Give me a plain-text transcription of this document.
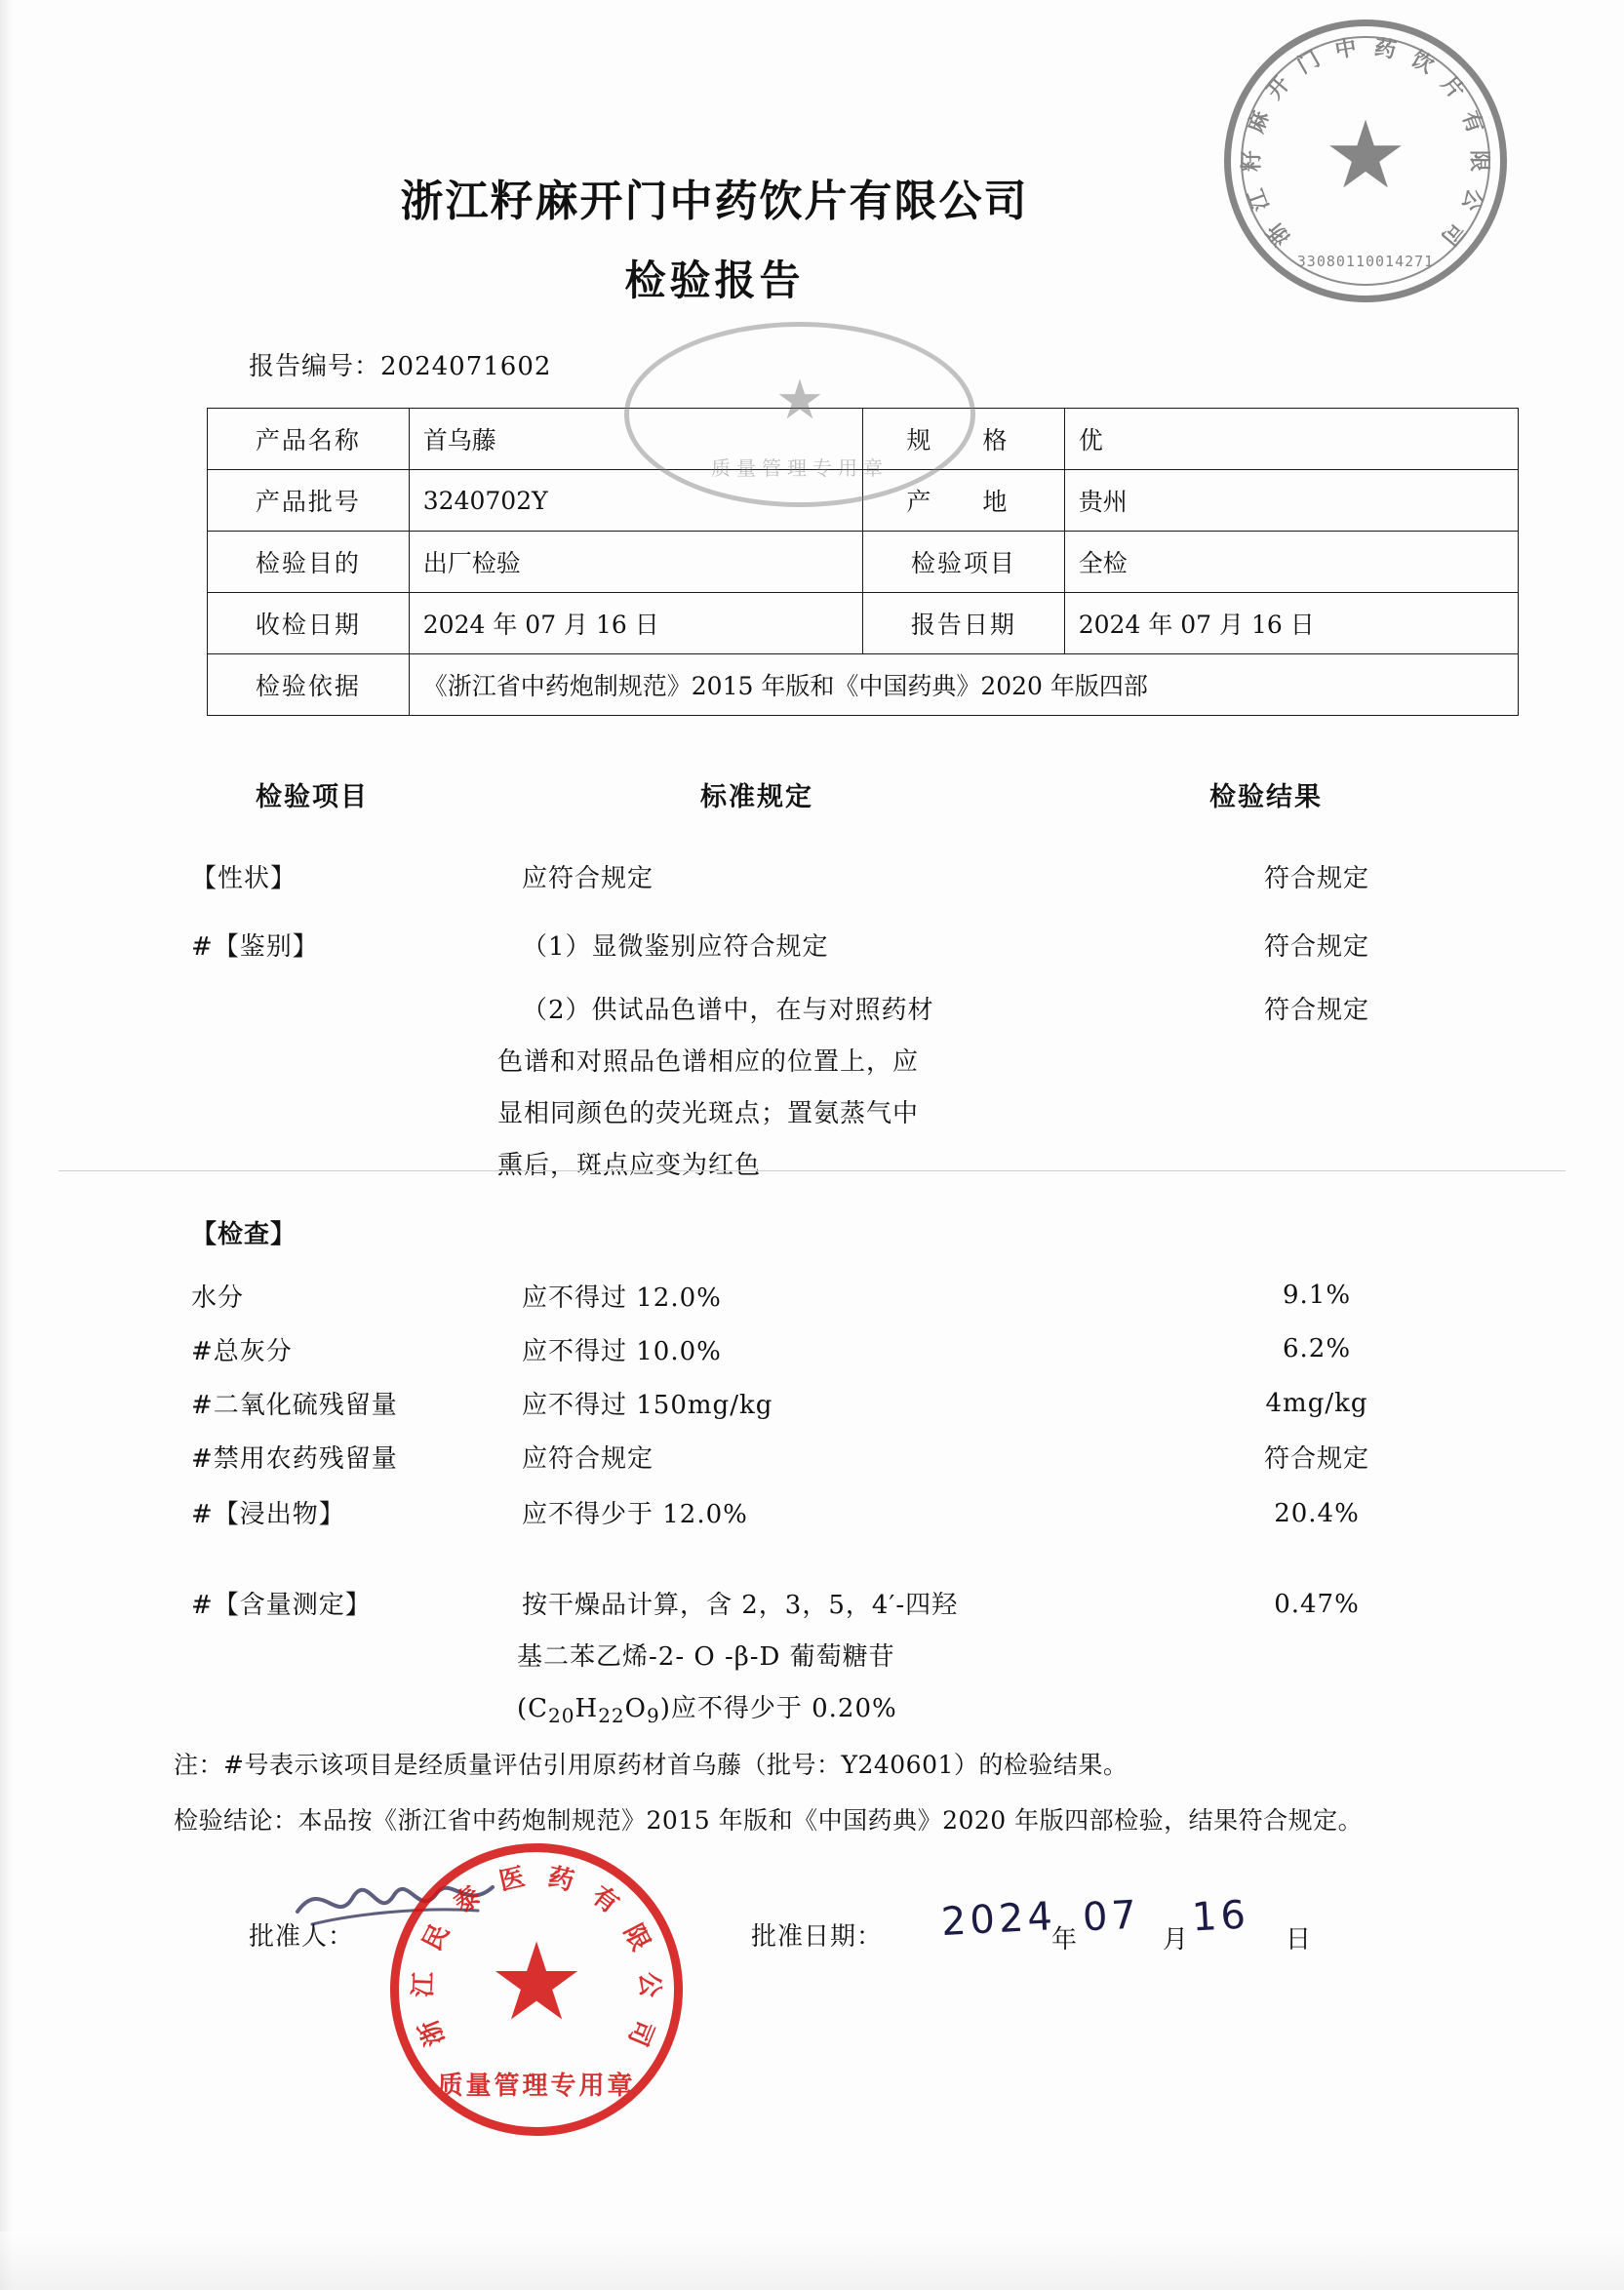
浙江籽麻开门中药饮片有限公司
检验报告
报告编号：2024071602
产品名称	首乌藤	规　格	优
产品批号	3240702Y	产　地	贵州
检验目的	出厂检验	检验项目	全检
收检日期	2024 年 07 月 16 日	报告日期	2024 年 07 月 16 日
检验依据	《浙江省中药炮制规范》2015 年版和《中国药典》2020 年版四部		
检验项目	标准规定	检验结果
【性状】	应符合规定	符合规定
#【鉴别】	（1）显微鉴别应符合规定	符合规定
（2）供试品色谱中，在与对照药材	符合规定
色谱和对照品色谱相应的位置上，应
显相同颜色的荧光斑点；置氨蒸气中
熏后，斑点应变为红色
【检查】
水分	应不得过 12.0%	9.1%
#总灰分	应不得过 10.0%	6.2%
#二氧化硫残留量	应不得过 150mg/kg	4mg/kg
#禁用农药残留量	应符合规定	符合规定
#【浸出物】	应不得少于 12.0%	20.4%
#【含量测定】	按干燥品计算，含 2，3，5，4′-四羟	0.47%
基二苯乙烯-2- O -β-D 葡萄糖苷
$(C_{20}H_{22}O_9)$应不得少于 0.20%
注：#号表示该项目是经质量评估引用原药材首乌藤（批号：Y240601）的检验结果。
检验结论：本品按《浙江省中药炮制规范》2015 年版和《中国药典》2020 年版四部检验，结果符合规定。
批准人：	批准日期： 2024
年 07 月 16 日
浙
江
籽
麻
开
门 中 药 饮
片
有
限
公
司
★
33080110014271
★
质量管理专用章
浙
江
民
泰
医 药
有
限
公
司
★
质量管理专用章
